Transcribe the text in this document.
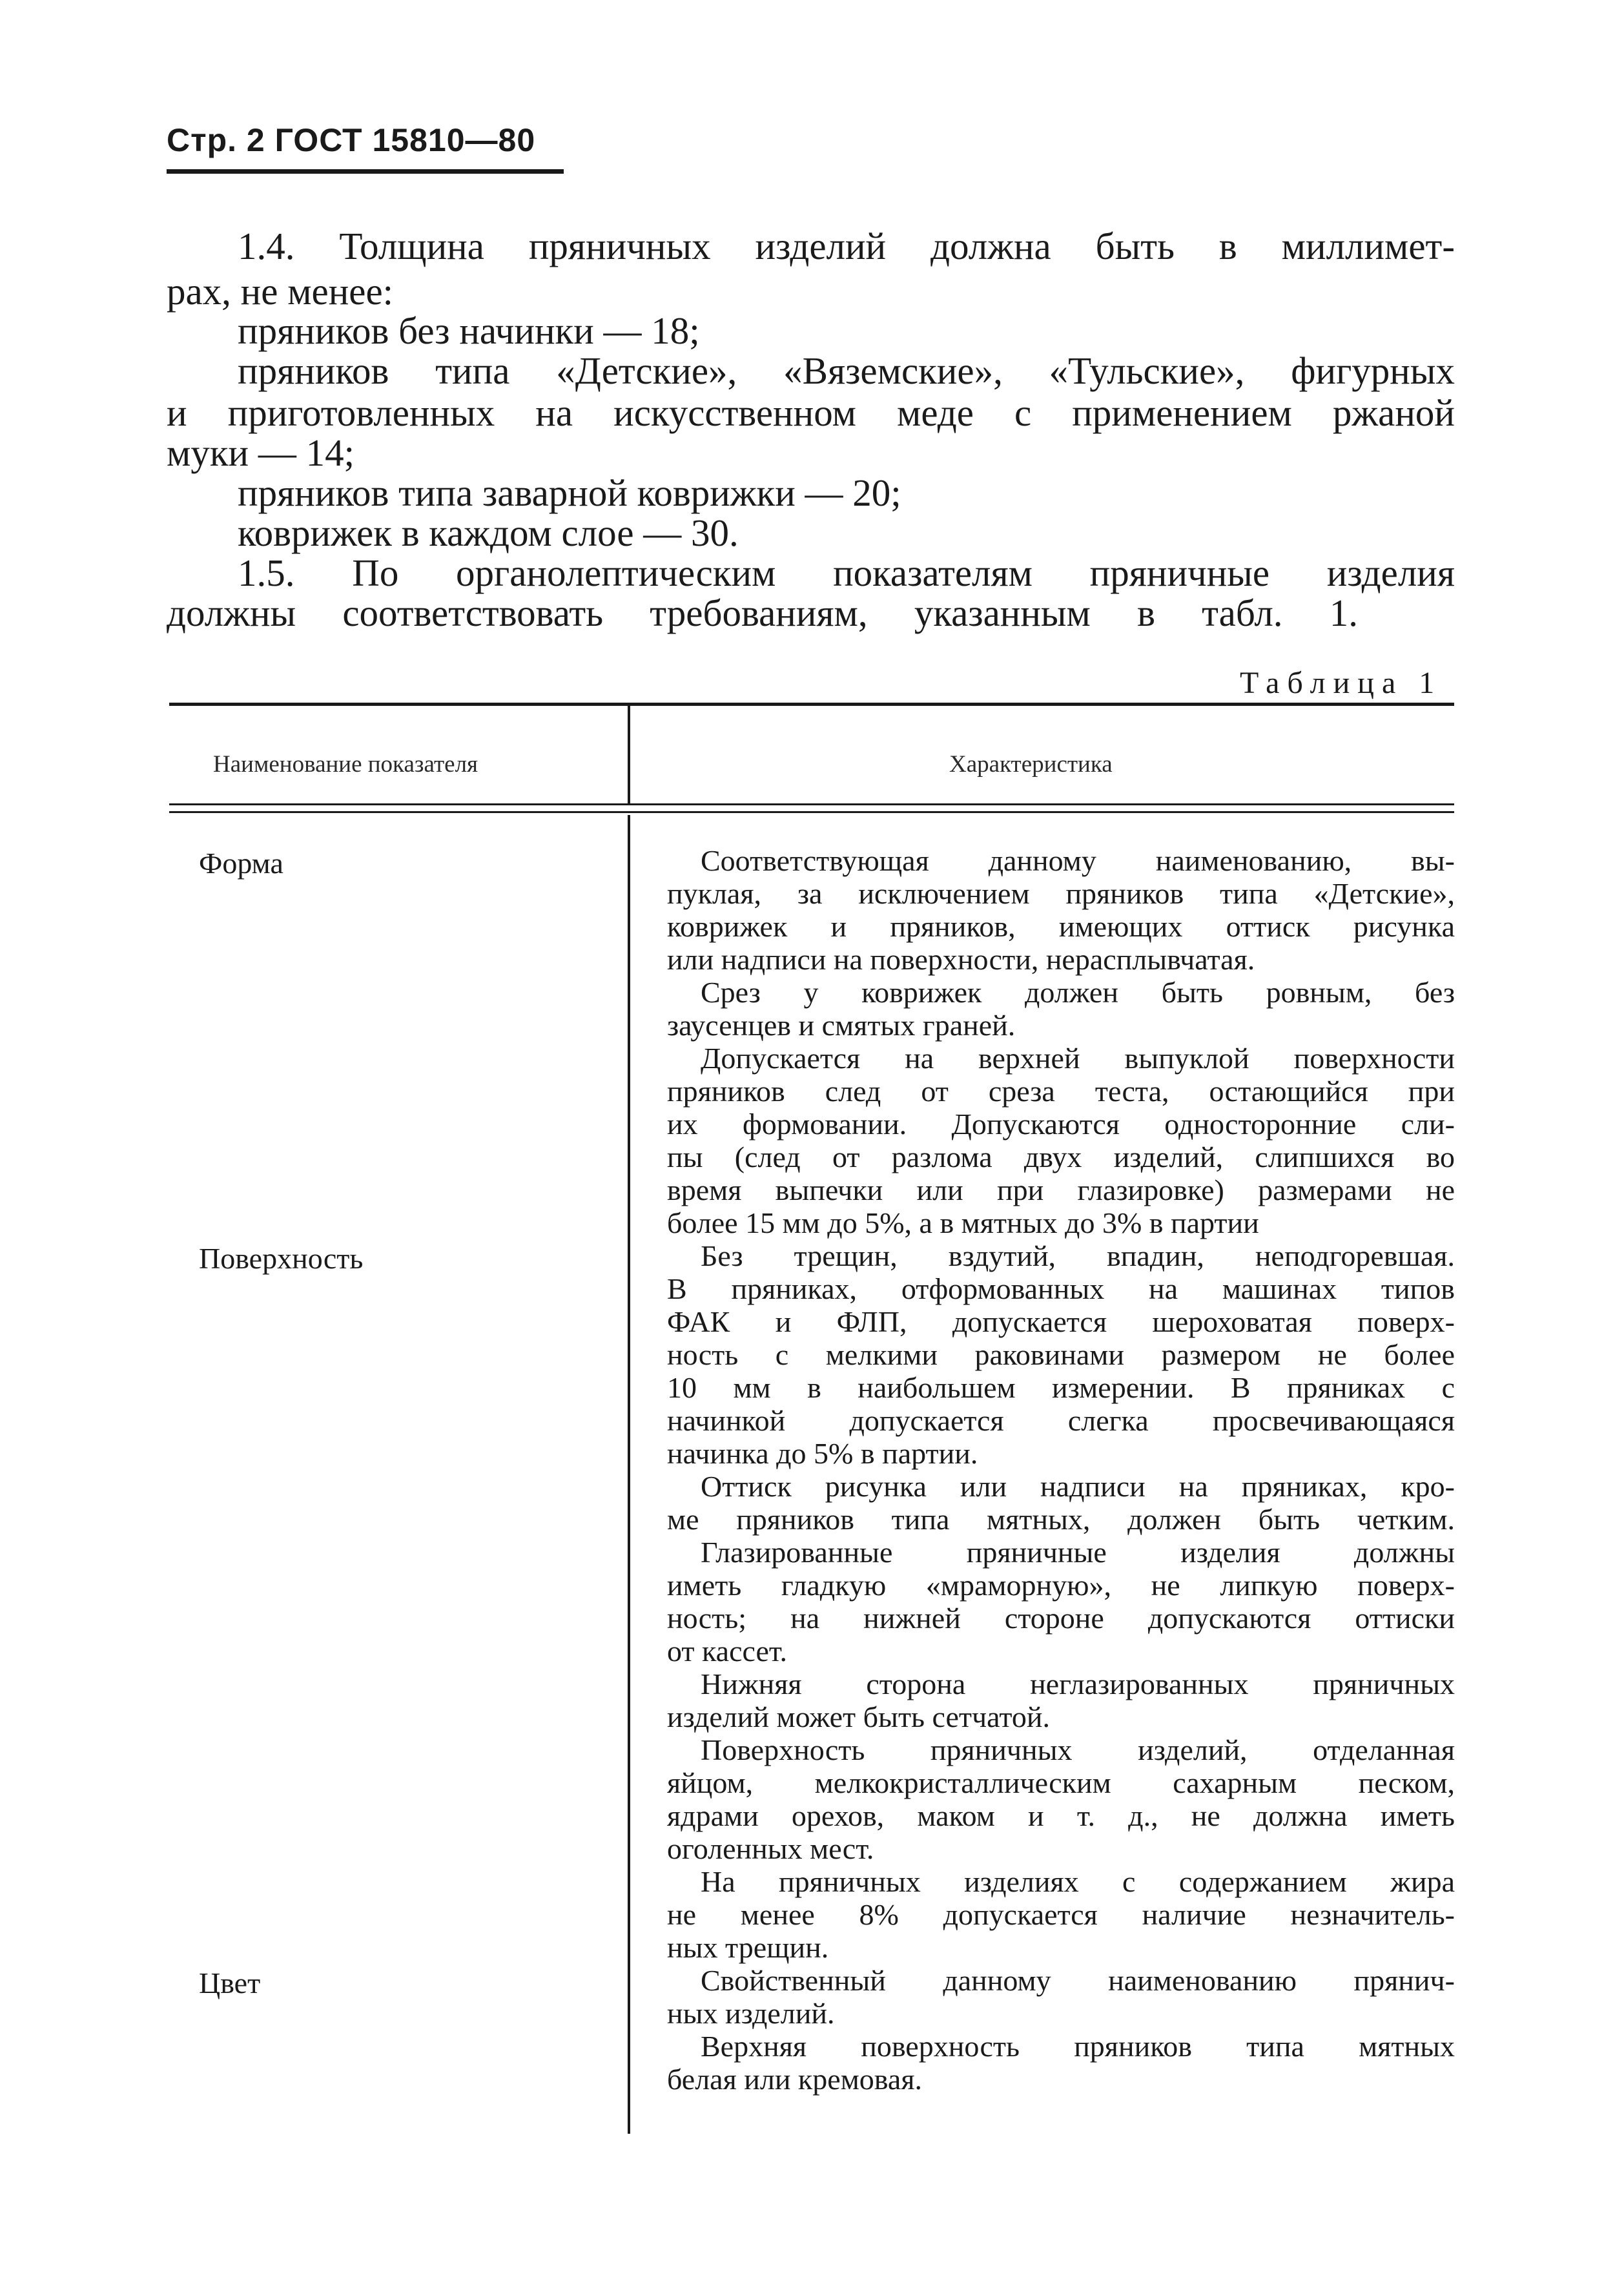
Стр. 2 ГОСТ 15810—80
1.4. Толщина пряничных изделий должна быть в миллимет-
рах, не менее:
пряников без начинки — 18;
пряников типа «Детские», «Вяземские», «Тульские», фигурных
и приготовленных на искусственном меде с применением ржаной
муки — 14;
пряников типа заварной коврижки — 20;
коврижек в каждом слое — 30.
1.5. По органолептическим показателям пряничные изделия
должны соответствовать требованиям, указанным в табл. 1.
Таблица 1
Наименование показателя	Характеристика
Форма	Соответствующая данному наименованию, вы-
пуклая, за исключением пряников типа «Детские»,
коврижек и пряников, имеющих оттиск рисунка
или надписи на поверхности, нерасплывчатая.
Срез у коврижек должен быть ровным, без
заусенцев и смятых граней.
Допускается на верхней выпуклой поверхности
пряников след от среза теста, остающийся при
их формовании. Допускаются односторонние сли-
пы (след от разлома двух изделий, слипшихся во
время выпечки или при глазировке) размерами не
более 15 мм до 5%, а в мятных до 3% в партии
Поверхность	Без трещин, вздутий, впадин, неподгоревшая.
В пряниках, отформованных на машинах типов
ФАК и ФЛП, допускается шероховатая поверх-
ность с мелкими раковинами размером не более
10 мм в наибольшем измерении. В пряниках с
начинкой допускается слегка просвечивающаяся
начинка до 5% в партии.
Оттиск рисунка или надписи на пряниках, кро-
ме пряников типа мятных, должен быть четким.
Глазированные пряничные изделия должны
иметь гладкую «мраморную», не липкую поверх-
ность; на нижней стороне допускаются оттиски
от кассет.
Нижняя сторона неглазированных пряничных
изделий может быть сетчатой.
Поверхность пряничных изделий, отделанная
яйцом, мелкокристаллическим сахарным песком,
ядрами орехов, маком и т. д., не должна иметь
оголенных мест.
На пряничных изделиях с содержанием жира
не менее 8% допускается наличие незначитель-
ных трещин.
Цвет	Свойственный данному наименованию прянич-
ных изделий.
Верхняя поверхность пряников типа мятных
белая или кремовая.
